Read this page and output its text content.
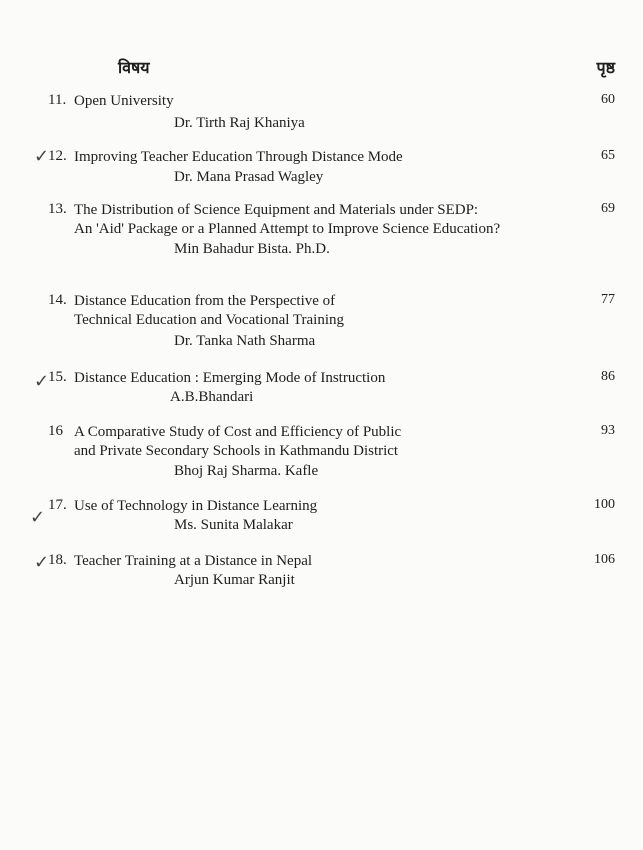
विषय	पृष्ठ
11. Open University
Dr. Tirth Raj Khaniya
60
✓
12. Improving Teacher Education Through Distance Mode
Dr. Mana Prasad Wagley
65
13. The Distribution of Science Equipment and Materials under SEDP:
An 'Aid' Package or a Planned Attempt to Improve Science Education?
Min Bahadur Bista. Ph.D.
69
14. Distance Education from the Perspective of
Technical Education and Vocational Training
Dr. Tanka Nath Sharma
77
✓
15. Distance Education : Emerging Mode of Instruction
A.B.Bhandari
86
16 A Comparative Study of Cost and Efficiency of Public
and Private Secondary Schools in Kathmandu District
Bhoj Raj Sharma. Kafle
93
✓
17. Use of Technology in Distance Learning
Ms. Sunita Malakar
100
✓
18. Teacher Training at a Distance in Nepal
Arjun Kumar Ranjit
106
